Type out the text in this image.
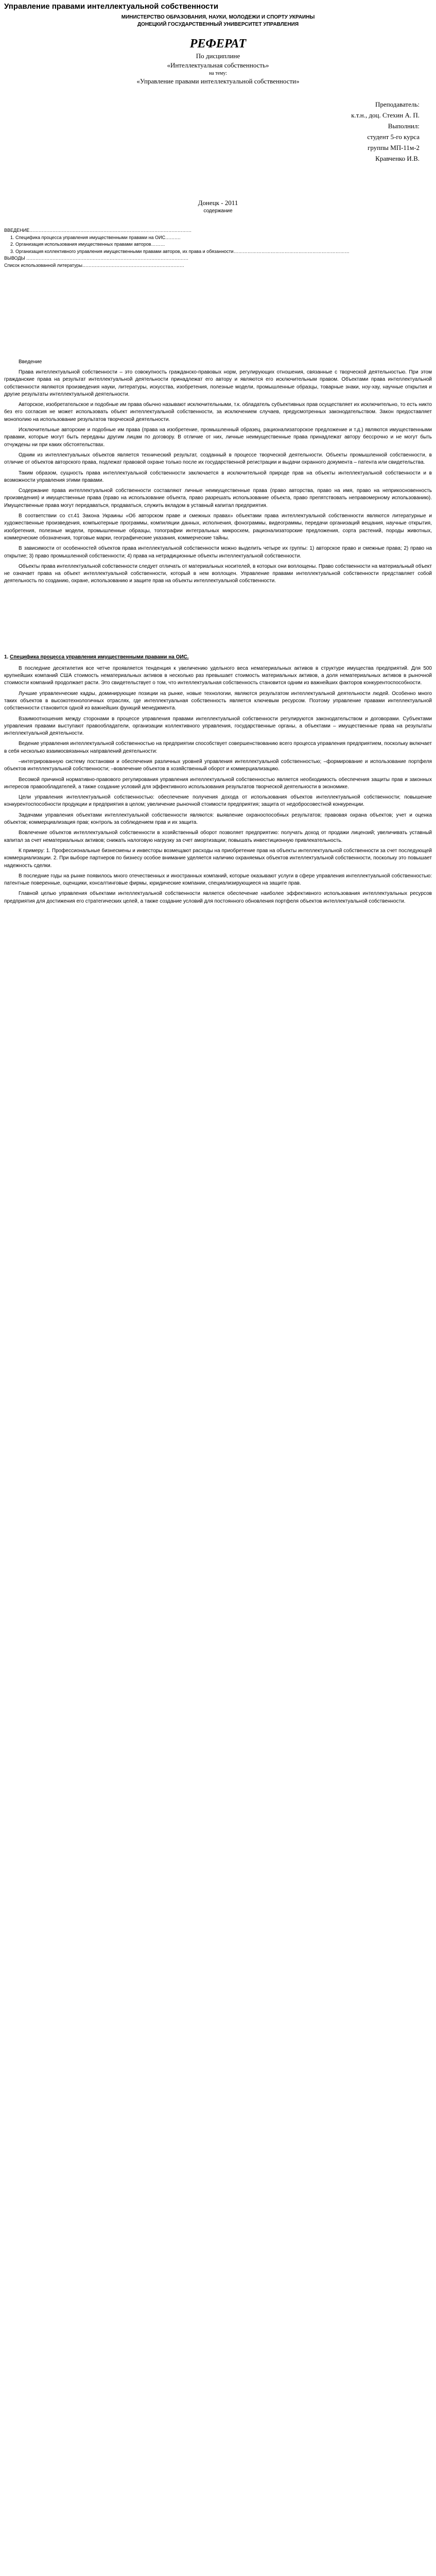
Управление правами интеллектуальной собственности

МИНИСТЕРСТВО ОБРАЗОВАНИЯ, НАУКИ, МОЛОДЕЖИ И СПОРТУ УКРАИНЫ

ДОНЕЦКИЙ ГОСУДАРСТВЕННЫЙ УНИВЕРСИТЕТ УПРАВЛЕНИЯ

РЕФЕРАТ
По дисциплине
«Интеллектуальная собственность»
на тему:
«Управление правами интеллектуальной собственности»
Преподаватель:
к.т.н., доц. Стехин А. П.
Выполнил:
студент 5-го курса
группы МП-11м-2
Кравченко И.В.
Донецк - 2011
содержание

ВВЕДЕНИЕ……………………………………………………………………………………………

1. Специфика процесса управления имущественными правами на ОИС……….
2. Организация использования имущественных правами авторов………
3. Организация коллективного управления имущественными правами авторов, их права и обязанности…………………………………………………………………

ВЫВОДЫ ……………………………………………………………………………………………

Список использованной литературы…………………………………………………………

Введение

Права интеллектуальной собственности – это совокупность гражданско-правовых норм, регулирующих отношения, связанные с творческой деятельностью. При этом гражданские права на результат интеллектуальной деятельности принадлежат его автору и являются его исключительным правом. Объектами права интеллектуальной собственности являются произведения науки, литературы, искусства, изобретения, полезные модели, промышленные образцы, товарные знаки, ноу-хау, научные открытия и другие результаты интеллектуальной деятельности.

Авторское, изобретательское и подобные им права обычно называют исключительными, т.к. обладатель субъективных прав осуществляет их исключительно, то есть никто без его согласия не может использовать объект интеллектуальной собственности, за исключением случаев, предусмотренных законодательством. Закон предоставляет монополию на использование результатов творческой деятельности.

Исключительные авторские и подобные им права (права на изобретение, промышленный образец, рационализаторское предложение и т.д.) являются имущественными правами, которые могут быть переданы другим лицам по договору. В отличие от них, личные неимущественные права принадлежат автору бессрочно и не могут быть отчуждены ни при каких обстоятельствах.

Одним из интеллектуальных объектов является технический результат, созданный в процессе творческой деятельности. Объекты промышленной собственности, в отличие от объектов авторского права, подлежат правовой охране только после их государственной регистрации и выдачи охранного документа – патента или свидетельства.

Таким образом, сущность права интеллектуальной собственности заключается в исключительной природе прав на объекты интеллектуальной собственности и в возможности управления этими правами.

Содержание права интеллектуальной собственности составляют личные неимущественные права (право авторства, право на имя, право на неприкосновенность произведения) и имущественные права (право на использование объекта, право разрешать использование объекта, право препятствовать неправомерному использованию). Имущественные права могут передаваться, продаваться, служить вкладом в уставный капитал предприятия.

В соответствии со ст.41 Закона Украины «Об авторском праве и смежных правах» объектами права интеллектуальной собственности являются литературные и художественные произведения, компьютерные программы, компиляции данных, исполнения, фонограммы, видеограммы, передачи организаций вещания, научные открытия, изобретения, полезные модели, промышленные образцы, топографии интегральных микросхем, рационализаторские предложения, сорта растений, породы животных, коммерческие обозначения, торговые марки, географические указания, коммерческие тайны.

В зависимости от особенностей объектов права интеллектуальной собственности можно выделить четыре их группы: 1) авторское право и смежные права; 2) право на открытие; 3) право промышленной собственности; 4) права на нетрадиционные объекты интеллектуальной собственности.

Объекты права интеллектуальной собственности следует отличать от материальных носителей, в которых они воплощены. Право собственности на материальный объект не означает права на объект интеллектуальной собственности, который в нем воплощен. Управление правами интеллектуальной собственности представляет собой деятельность по созданию, охране, использованию и защите прав на объекты интеллектуальной собственности.

1. Специфика процесса управления имущественными правами на ОИС.

В последние десятилетия все четче проявляется тенденция к увеличению удельного веса нематериальных активов в структуре имущества предприятий. Для 500 крупнейших компаний США стоимость нематериальных активов в несколько раз превышает стоимость материальных активов, а доля нематериальных активов в рыночной стоимости компаний продолжает расти. Это свидетельствует о том, что интеллектуальная собственность становится одним из важнейших факторов конкурентоспособности.

Лучшие управленческие кадры, доминирующие позиции на рынке, новые технологии, являются результатом интеллектуальной деятельности людей. Особенно много таких объектов в высокотехнологичных отраслях, где интеллектуальная собственность является ключевым ресурсом. Поэтому управление правами интеллектуальной собственности становится одной из важнейших функций менеджмента.

Взаимоотношения между сторонами в процессе управления правами интеллектуальной собственности регулируются законодательством и договорами. Субъектами управления правами выступают правообладатели, организации коллективного управления, государственные органы, а объектами – имущественные права на результаты интеллектуальной деятельности.

Ведение управления интеллектуальной собственностью на предприятии способствует совершенствованию всего процесса управления предприятием, поскольку включает в себя несколько взаимосвязанных направлений деятельности:

–интегрированную систему постановки и обеспечения различных уровней управления интеллектуальной собственностью; –формирование и использование портфеля объектов интеллектуальной собственности; –вовлечение объектов в хозяйственный оборот и коммерциализацию.

Весомой причиной нормативно-правового регулирования управления интеллектуальной собственностью является необходимость обеспечения защиты прав и законных интересов правообладателей, а также создание условий для эффективного использования результатов творческой деятельности в экономике.

Цели управления интеллектуальной собственностью: обеспечение получения дохода от использования объектов интеллектуальной собственности; повышение конкурентоспособности продукции и предприятия в целом; увеличение рыночной стоимости предприятия; защита от недобросовестной конкуренции.

Задачами управления объектами интеллектуальной собственности являются: выявление охраноспособных результатов; правовая охрана объектов; учет и оценка объектов; коммерциализация прав; контроль за соблюдением прав и их защита.

Вовлечение объектов интеллектуальной собственности в хозяйственный оборот позволяет предприятию: получать доход от продажи лицензий; увеличивать уставный капитал за счет нематериальных активов; снижать налоговую нагрузку за счет амортизации; повышать инвестиционную привлекательность.

К примеру: 1. Профессиональные бизнесмены и инвесторы возмещают расходы на приобретение прав на объекты интеллектуальной собственности за счет последующей коммерциализации. 2. При выборе партнеров по бизнесу особое внимание уделяется наличию охраняемых объектов интеллектуальной собственности, поскольку это повышает надежность сделки.

В последние годы на рынке появилось много отечественных и иностранных компаний, которые оказывают услуги в сфере управления интеллектуальной собственностью: патентные поверенные, оценщики, консалтинговые фирмы, юридические компании, специализирующиеся на защите прав.

Главной целью управления объектами интеллектуальной собственности является обеспечение наиболее эффективного использования интеллектуальных ресурсов предприятия для достижения его стратегических целей, а также создание условий для постоянного обновления портфеля объектов интеллектуальной собственности.
